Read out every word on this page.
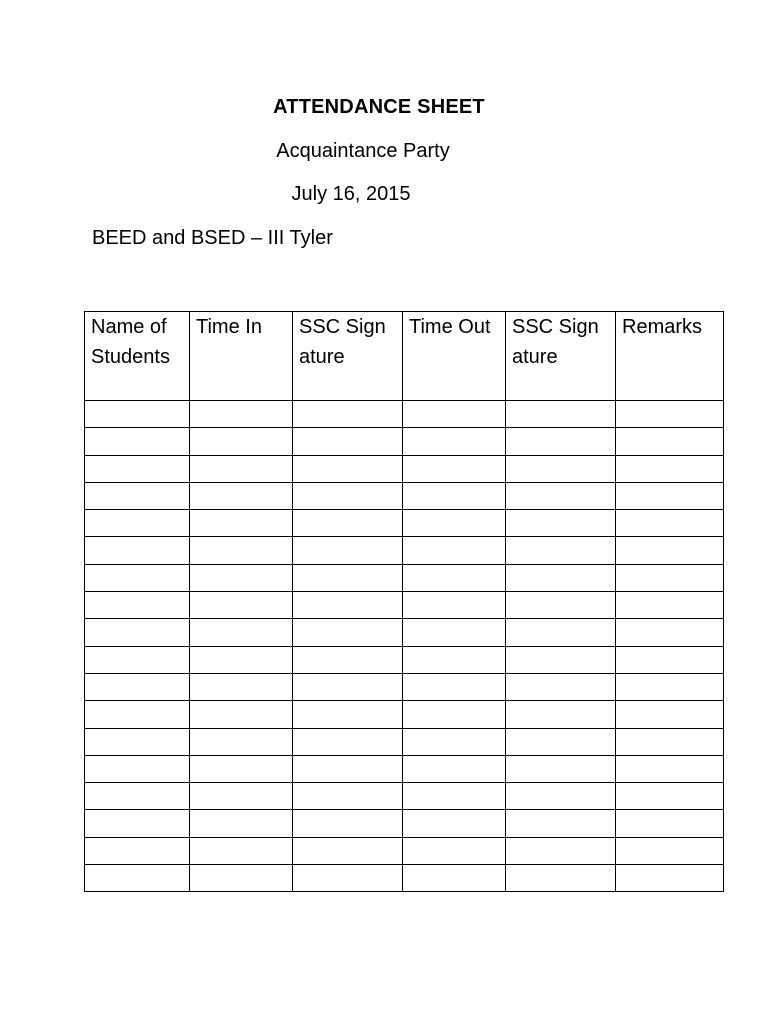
ATTENDANCE SHEET
Acquaintance Party
July 16, 2015
BEED and BSED – III Tyler
Name of Students	Time In	SSC Signature	Time Out	SSC Signature	Remarks
